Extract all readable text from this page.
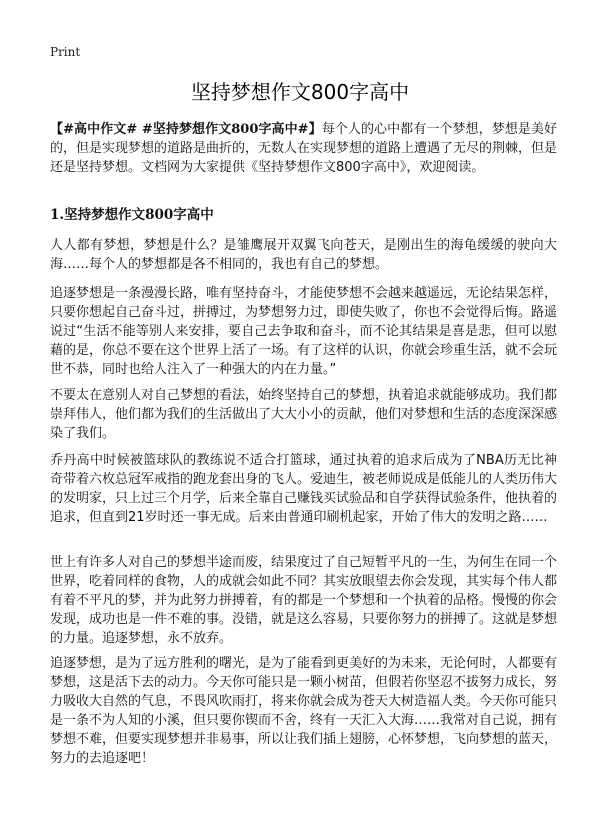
Print
坚持梦想作文800字高中

【#高中作文# #坚持梦想作文800字高中#】每个人的心中都有一个梦想，梦想是美好的，但是实现梦想的道路是曲折的，无数人在实现梦想的道路上遭遇了无尽的荆棘，但是还是坚持梦想。文档网为大家提供《坚持梦想作文800字高中》，欢迎阅读。

1.坚持梦想作文800字高中

人人都有梦想，梦想是什么？是雏鹰展开双翼飞向苍天，是刚出生的海龟缓缓的驶向大海……每个人的梦想都是各不相同的，我也有自己的梦想。

追逐梦想是一条漫漫长路，唯有坚持奋斗，才能使梦想不会越来越遥远，无论结果怎样，只要你想起自己奋斗过，拼搏过，为梦想努力过，即使失败了，你也不会觉得后悔。路遥说过“生活不能等别人来安排，要自己去争取和奋斗，而不论其结果是喜是悲，但可以慰藉的是，你总不要在这个世界上活了一场。有了这样的认识，你就会珍重生活，就不会玩世不恭，同时也给人注入了一种强大的内在力量。”

不要太在意别人对自己梦想的看法，始终坚持自己的梦想，执着追求就能够成功。我们都崇拜伟人，他们都为我们的生活做出了大大小小的贡献，他们对梦想和生活的态度深深感染了我们。

乔丹高中时候被篮球队的教练说不适合打篮球，通过执着的追求后成为了NBA历无比神奇带着六枚总冠军戒指的跑龙套出身的飞人。爱迪生，被老师说成是低能儿的人类历伟大的发明家，只上过三个月学，后来全靠自己赚钱买试验品和自学获得试验条件，他执着的追求，但直到21岁时还一事无成。后来由普通印刷机起家，开始了伟大的发明之路……

世上有许多人对自己的梦想半途而废，结果度过了自己短暂平凡的一生，为何生在同一个世界，吃着同样的食物，人的成就会如此不同？其实放眼望去你会发现，其实每个伟人都有着不平凡的梦，并为此努力拼搏着，有的都是一个梦想和一个执着的品格。慢慢的你会发现，成功也是一件不难的事。没错，就是这么容易，只要你努力的拼搏了。这就是梦想的力量。追逐梦想，永不放弃。

追逐梦想，是为了远方胜利的曙光，是为了能看到更美好的为未来，无论何时，人都要有梦想，这是活下去的动力。今天你可能只是一颗小树苗，但假若你坚忍不拔努力成长，努力吸收大自然的气息，不畏风吹雨打，将来你就会成为苍天大树造福人类。今天你可能只是一条不为人知的小溪，但只要你锲而不舍，终有一天汇入大海……我常对自己说，拥有梦想不难，但要实现梦想并非易事，所以让我们插上翅膀，心怀梦想，飞向梦想的蓝天，努力的去追逐吧！
